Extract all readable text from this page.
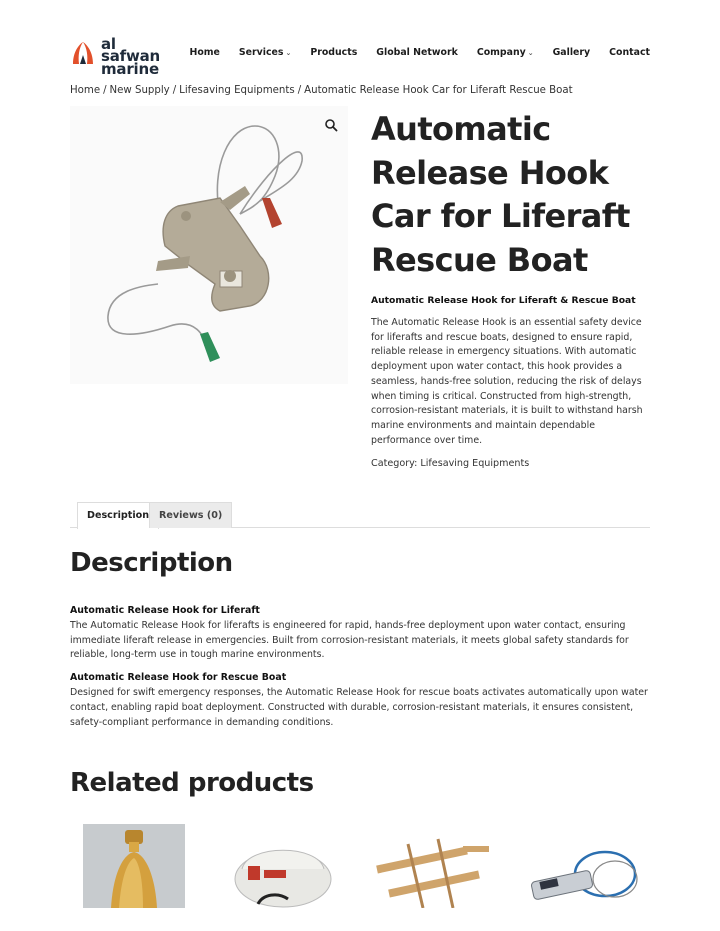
al safwan
marine
Home Services ⌄ Products Global Network Company ⌄ Gallery Contact
Home / New Supply / Lifesaving Equipments / Automatic Release Hook Car for Liferaft Rescue Boat
Automatic Release Hook Car for Liferaft Rescue Boat
Automatic Release Hook for Liferaft & Rescue Boat

The Automatic Release Hook is an essential safety device for liferafts and rescue boats, designed to ensure rapid, reliable release in emergency situations. With automatic deployment upon water contact, this hook provides a seamless, hands-free solution, reducing the risk of delays when timing is critical. Constructed from high-strength, corrosion-resistant materials, it is built to withstand harsh marine environments and maintain dependable performance over time.

Category: Lifesaving Equipments
Description	Reviews (0)
Description
Automatic Release Hook for Liferaft

The Automatic Release Hook for liferafts is engineered for rapid, hands-free deployment upon water contact, ensuring immediate liferaft release in emergencies. Built from corrosion-resistant materials, it meets global safety standards for reliable, long-term use in tough marine environments.

Automatic Release Hook for Rescue Boat

Designed for swift emergency responses, the Automatic Release Hook for rescue boats activates automatically upon water contact, enabling rapid boat deployment. Constructed with durable, corrosion-resistant materials, it ensures consistent, safety-compliant performance in demanding conditions.

Related products
